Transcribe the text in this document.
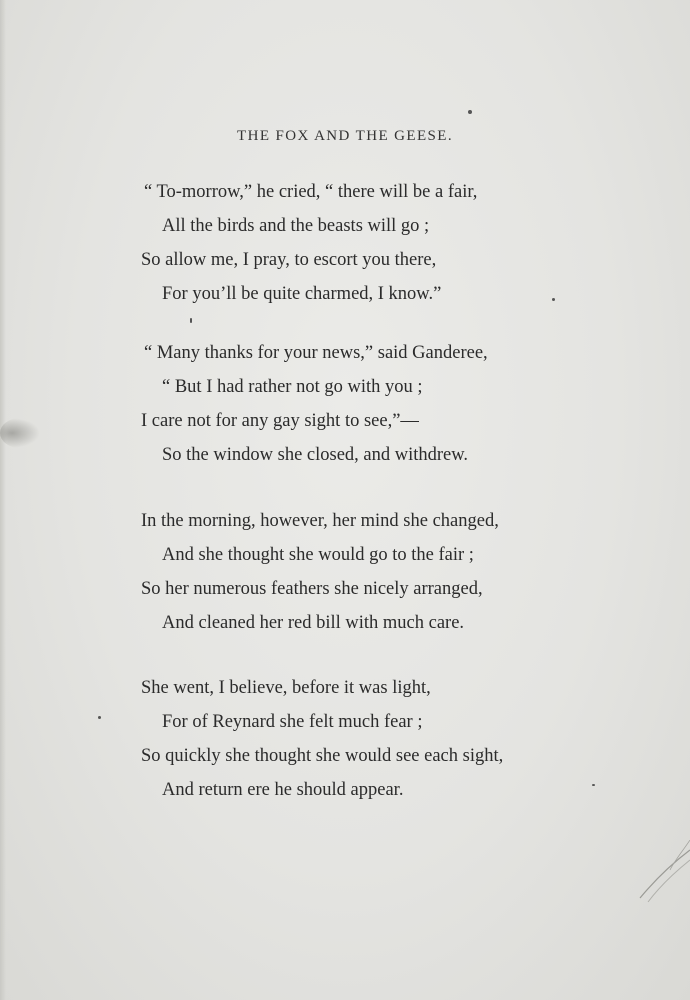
THE FOX AND THE GEESE.
“ To-morrow,” he cried, “ there will be a fair,
All the birds and the beasts will go ;
So allow me, I pray, to escort you there,
For you’ll be quite charmed, I know.”
“ Many thanks for your news,” said Ganderee,
“ But I had rather not go with you ;
I care not for any gay sight to see,”—
So the window she closed, and withdrew.
In the morning, however, her mind she changed,
And she thought she would go to the fair ;
So her numerous feathers she nicely arranged,
And cleaned her red bill with much care.
She went, I believe, before it was light,
For of Reynard she felt much fear ;
So quickly she thought she would see each sight,
And return ere he should appear.
